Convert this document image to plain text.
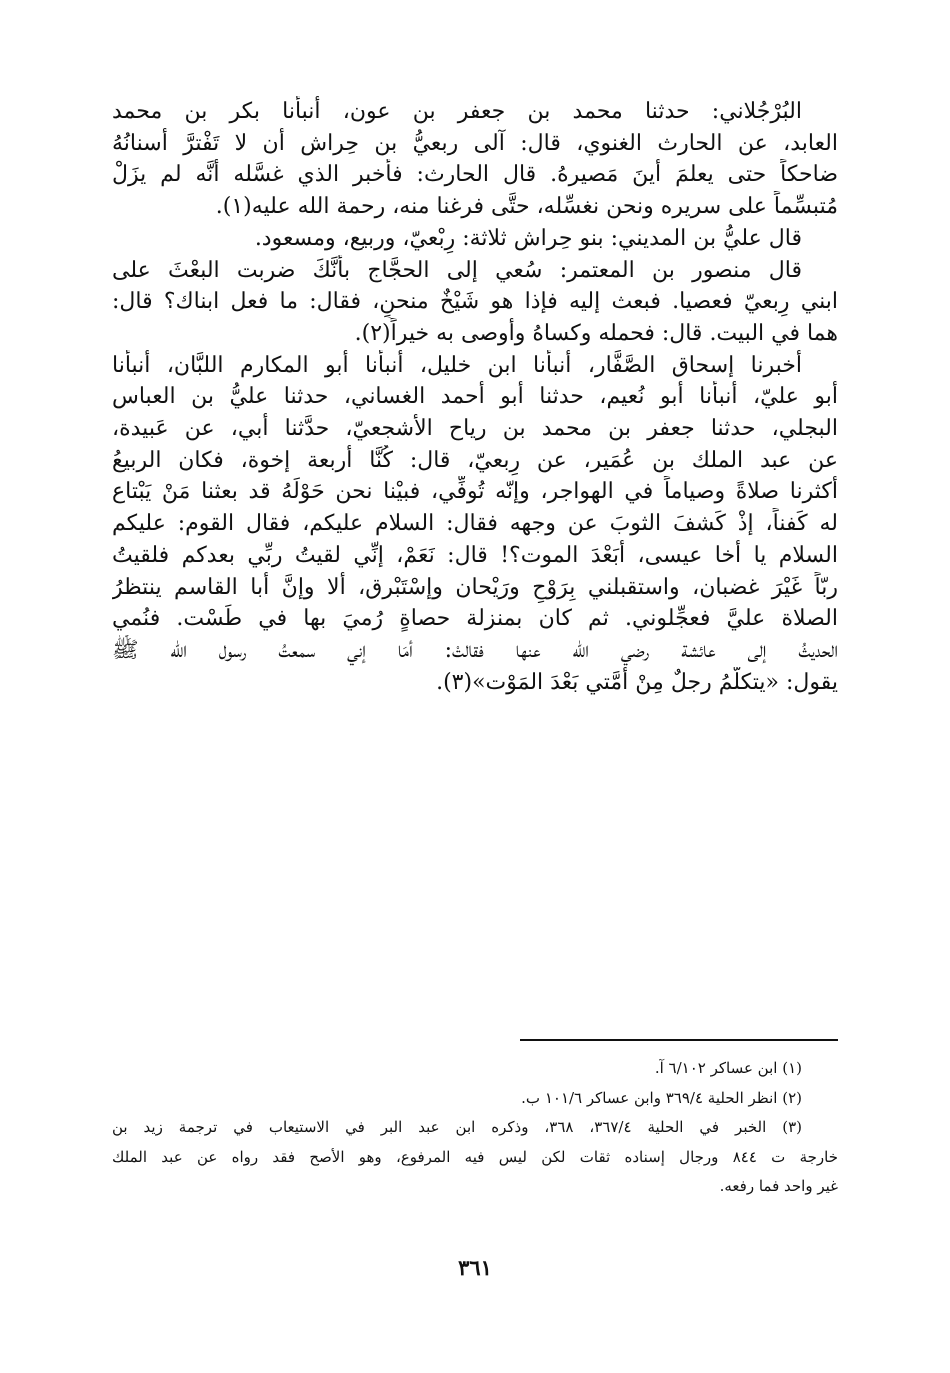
البُرْجُلاني: حدثنا محمد بن جعفر بن عون، أنبأنا بكر بن محمد
العابد، عن الحارث الغنوي، قال: آلى ربعيُّ بن حِراش أن لا تَفْترَّ أسنانُهُ
ضاحكاً حتى يعلمَ أينَ مَصيرهُ. قال الحارث: فأخبر الذي غسَّله أنَّه لم يزَلْ
مُتبسِّماً على سريره ونحن نغسِّله، حتَّى فرغنا منه، رحمة الله عليه(١).
قال عليُّ بن المديني: بنو حِراش ثلاثة: رِبْعيّ، وربيع، ومسعود.
قال منصور بن المعتمر: سُعي إلى الحجَّاج بأنَّكَ ضربت البعْثَ على
ابني رِبعيّ فعصيا. فبعث إليه فإذا هو شَيْخٌ منحنٍ، فقال: ما فعل ابناك؟ قال:
هما في البيت. قال: فحمله وكساهُ وأوصى به خيراً(٢).
أخبرنا إسحاق الصَّفَّار، أنبأنا ابن خليل، أنبأنا أبو المكارم اللبَّان، أنبأنا
أبو عليّ، أنبأنا أبو نُعيم، حدثنا أبو أحمد الغساني، حدثنا عليُّ بن العباس
البجلي، حدثنا جعفر بن محمد بن رياح الأشجعيّ، حدَّثنا أبي، عن عَبيدة،
عن عبد الملك بن عُمَير، عن رِبعيّ، قال: كُنَّا أربعة إخوة، فكان الربيعُ
أكثرنا صلاةً وصياماً في الهواجر، وإنّه تُوفِّي، فبيْنا نحن حَوْلَهُ قد بعثنا مَنْ يَبْتاع
له كَفناً، إذْ كَشفَ الثوبَ عن وجهه فقال: السلام عليكم، فقال القوم: عليكم
السلام يا أخا عيسى، أبَعْدَ الموت؟! قال: نَعَمْ، إنِّي لقيتُ ربِّي بعدكم فلقيتُ
ربّاً غَيْرَ غضبان، واستقبلني بِرَوْحٍ ورَيْحان وإسْتَبْرق، ألا وإنَّ أبا القاسم ينتظرُ
الصلاة عليَّ فعجِّلوني. ثم كان بمنزلة حصاةٍ رُميَ بها في طَسْت. فنُمي
الحديثُ إلى عائشة رضي الله عنها فقالتْ: أمَا إني سمعتُ رسول الله ﷺ
يقول: «يتكلَّمُ رجلٌ مِنْ أُمَّتي بَعْدَ المَوْت»(٣).
(١) ابن عساكر ٦/١٠٢ آ.
(٢) انظر الحلية ٣٦٩/٤ وابن عساكر ١٠١/٦ ب.
(٣) الخبر في الحلية ٣٦٧/٤، ٣٦٨، وذكره ابن عبد البر في الاستيعاب في ترجمة زيد بن
خارجة ت ٨٤٤ ورجال إسناده ثقات لكن ليس فيه المرفوع، وهو الأصح فقد رواه عن عبد الملك
غير واحد فما رفعه.
٣٦١
